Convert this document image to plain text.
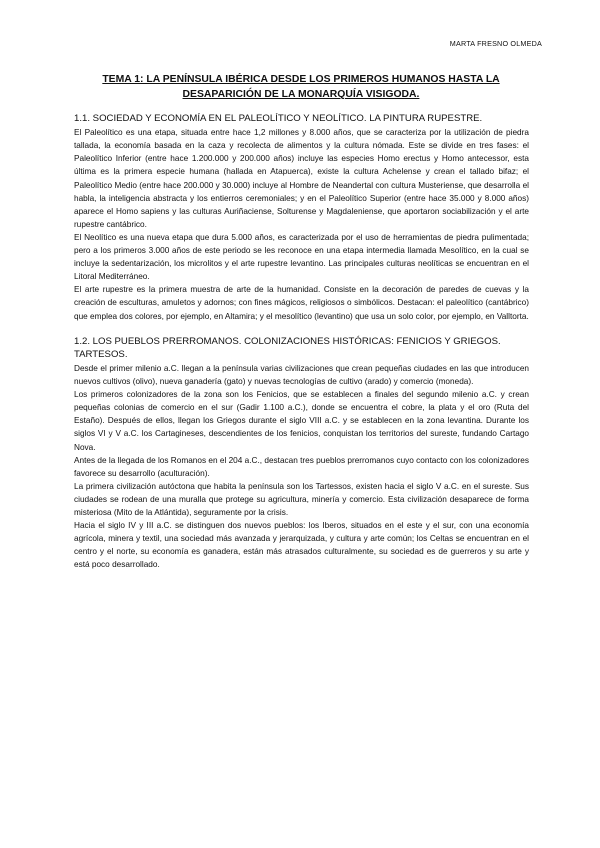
MARTA FRESNO OLMEDA
TEMA 1: LA PENÍNSULA IBÉRICA DESDE LOS PRIMEROS HUMANOS HASTA LA DESAPARICIÓN DE LA MONARQUÍA VISIGODA.
1.1. SOCIEDAD Y ECONOMÍA EN EL PALEOLÍTICO Y NEOLÍTICO. LA PINTURA RUPESTRE.

El Paleolítico es una etapa, situada entre hace 1,2 millones y 8.000 años, que se caracteriza por la utilización de piedra tallada, la economía basada en la caza y recolecta de alimentos y la cultura nómada. Este se divide en tres fases: el Paleolítico Inferior (entre hace 1.200.000 y 200.000 años) incluye las especies Homo erectus y Homo antecessor, esta última es la primera especie humana (hallada en Atapuerca), existe la cultura Achelense y crean el tallado bifaz; el Paleolítico Medio (entre hace 200.000 y 30.000) incluye al Hombre de Neandertal con cultura Musteriense, que desarrolla el habla, la inteligencia abstracta y los entierros ceremoniales; y en el Paleolítico Superior (entre hace 35.000 y 8.000 años) aparece el Homo sapiens y las culturas Auriñaciense, Solturense y Magdaleniense, que aportaron sociabilización y el arte rupestre cantábrico.

El Neolítico es una nueva etapa que dura 5.000 años, es caracterizada por el uso de herramientas de piedra pulimentada; pero a los primeros 3.000 años de este periodo se les reconoce en una etapa intermedia llamada Mesolítico, en la cual se incluye la sedentarización, los microlitos y el arte rupestre levantino. Las principales culturas neolíticas se encuentran en el Litoral Mediterráneo.

El arte rupestre es la primera muestra de arte de la humanidad. Consiste en la decoración de paredes de cuevas y la creación de esculturas, amuletos y adornos; con fines mágicos, religiosos o simbólicos. Destacan: el paleolítico (cantábrico) que emplea dos colores, por ejemplo, en Altamira; y el mesolítico (levantino) que usa un solo color, por ejemplo, en Valltorta.

1.2. LOS PUEBLOS PRERROMANOS. COLONIZACIONES HISTÓRICAS: FENICIOS Y GRIEGOS. TARTESOS.

Desde el primer milenio a.C. llegan a la península varias civilizaciones que crean pequeñas ciudades en las que introducen nuevos cultivos (olivo), nueva ganadería (gato) y nuevas tecnologías de cultivo (arado) y comercio (moneda).

Los primeros colonizadores de la zona son los Fenicios, que se establecen a finales del segundo milenio a.C. y crean pequeñas colonias de comercio en el sur (Gadir 1.100 a.C.), donde se encuentra el cobre, la plata y el oro (Ruta del Estaño). Después de ellos, llegan los Griegos durante el siglo VIII a.C. y se establecen en la zona levantina. Durante los siglos VI y V a.C. los Cartagineses, descendientes de los fenicios, conquistan los territorios del sureste, fundando Cartago Nova.

Antes de la llegada de los Romanos en el 204 a.C., destacan tres pueblos prerromanos cuyo contacto con los colonizadores favorece su desarrollo (aculturación).

La primera civilización autóctona que habita la península son los Tartessos, existen hacia el siglo V a.C. en el sureste. Sus ciudades se rodean de una muralla que protege su agricultura, minería y comercio. Esta civilización desaparece de forma misteriosa (Mito de la Atlántida), seguramente por la crisis.

Hacia el siglo IV y III a.C. se distinguen dos nuevos pueblos: los Iberos, situados en el este y el sur, con una economía agrícola, minera y textil, una sociedad más avanzada y jerarquizada, y cultura y arte común; los Celtas se encuentran en el centro y el norte, su economía es ganadera, están más atrasados culturalmente, su sociedad es de guerreros y su arte y está poco desarrollado.
